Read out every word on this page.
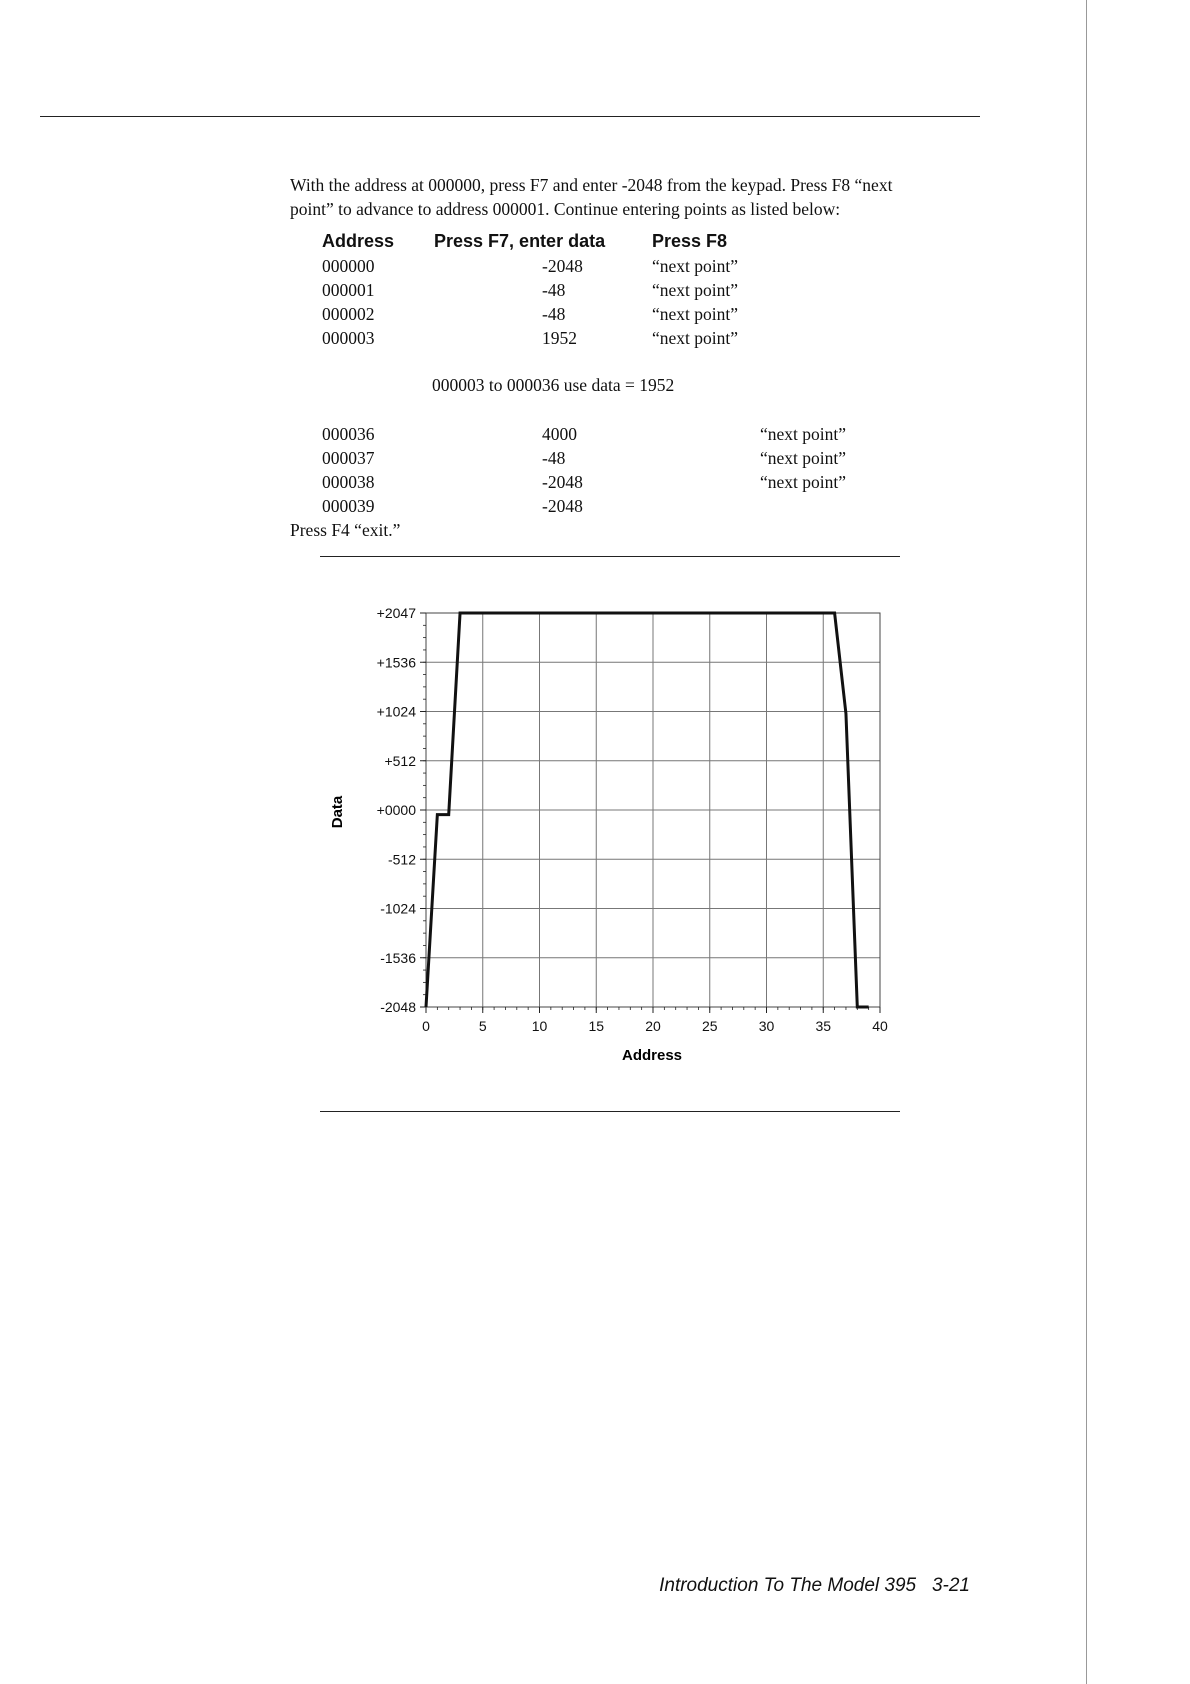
With the address at 000000, press F7 and enter -2048 from the keypad. Press F8 “next

point” to advance to address 000001. Continue entering points as listed below:

Address	Press F7, enter data	Press F8
000000	-2048	“next point”
000001	-48	“next point”
000002	-48	“next point”
000003	1952	“next point”
000003 to 000036 use data = 1952
000036	4000	“next point”
000037	-48	“next point”
000038	-2048	“next point”
000039	-2048	
Press F4 “exit.”
0	5	10	15	20	25	30	35	40
+2047
+1536
+1024
+512
+0000
-512
-1024
-1536
-2048
Data
Address
Introduction To The Model 395 3-21
